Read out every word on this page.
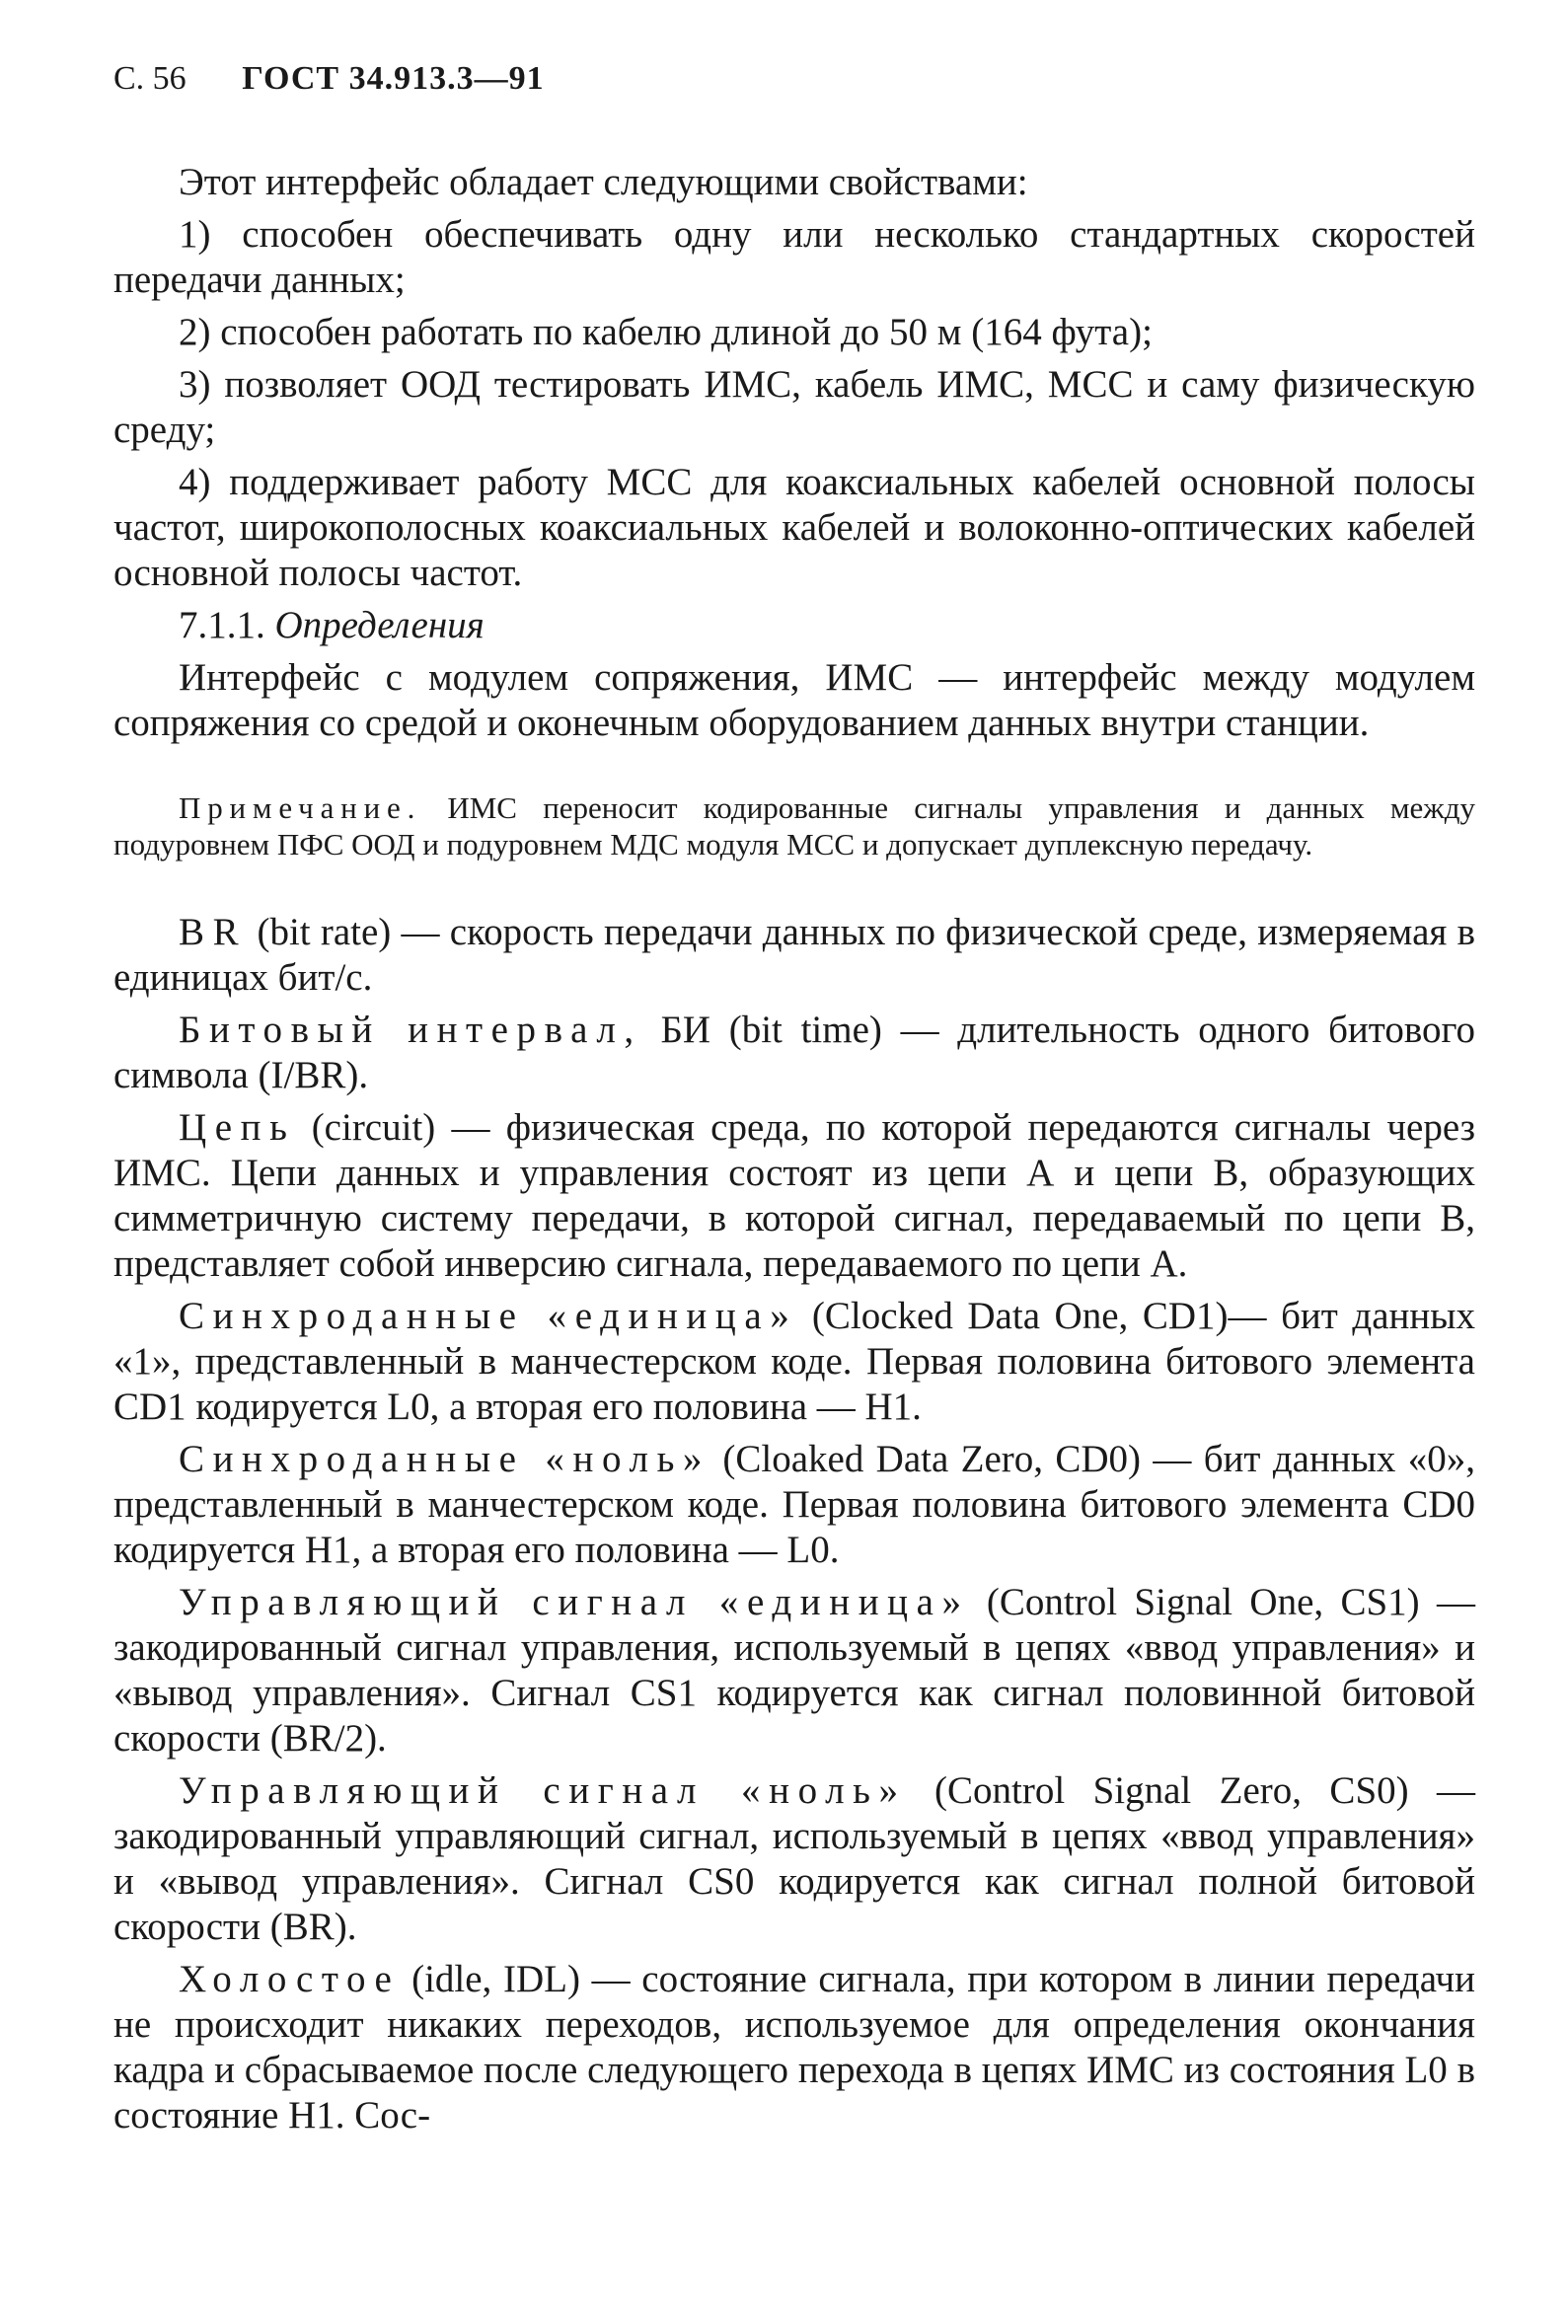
С. 56 ГОСТ 34.913.3—91

Этот интерфейс обладает следующими свойствами:

1) способен обеспечивать одну или несколько стандартных скоростей передачи данных;

2) способен работать по кабелю длиной до 50 м (164 фута);

3) позволяет ООД тестировать ИМС, кабель ИМС, МСС и саму физическую среду;

4) поддерживает работу МСС для коаксиальных кабелей основной полосы частот, широкополосных коаксиальных кабелей и волоконно-оптических кабелей основной полосы частот.

7.1.1. Определения

Интерфейс с модулем сопряжения, ИМС — интерфейс между модулем сопряжения со средой и оконечным оборудованием данных внутри станции.

Примечание. ИМС переносит кодированные сигналы управления и данных между подуровнем ПФС ООД и подуровнем МДС модуля МСС и допускает дуплексную передачу.

BR (bit rate) — скорость передачи данных по физической среде, измеряемая в единицах бит/с.

Битовый интервал, БИ (bit time) — длительность одного битового символа (I/BR).

Цепь (circuit) — физическая среда, по которой передаются сигналы через ИМС. Цепи данных и управления состоят из цепи А и цепи В, образующих симметричную систему передачи, в которой сигнал, передаваемый по цепи В, представляет собой инверсию сигнала, передаваемого по цепи А.

Синхроданные «единица» (Clocked Data One, CD1)— бит данных «1», представленный в манчестерском коде. Первая половина битового элемента CD1 кодируется L0, а вторая его половина — H1.

Синхроданные «ноль» (Cloaked Data Zero, CD0) — бит данных «0», представленный в манчестерском коде. Первая половина битового элемента CD0 кодируется H1, а вторая его половина — L0.

Управляющий сигнал «единица» (Control Signal One, CS1) — закодированный сигнал управления, используемый в цепях «ввод управления» и «вывод управления». Сигнал CS1 кодируется как сигнал половинной битовой скорости (BR/2).

Управляющий сигнал «ноль» (Control Signal Zero, CS0) — закодированный управляющий сигнал, используемый в цепях «ввод управления» и «вывод управления». Сигнал CS0 кодируется как сигнал полной битовой скорости (BR).

Холостое (idle, IDL) — состояние сигнала, при котором в линии передачи не происходит никаких переходов, используемое для определения окончания кадра и сбрасываемое после следующего перехода в цепях ИМС из состояния L0 в состояние H1. Сос-
